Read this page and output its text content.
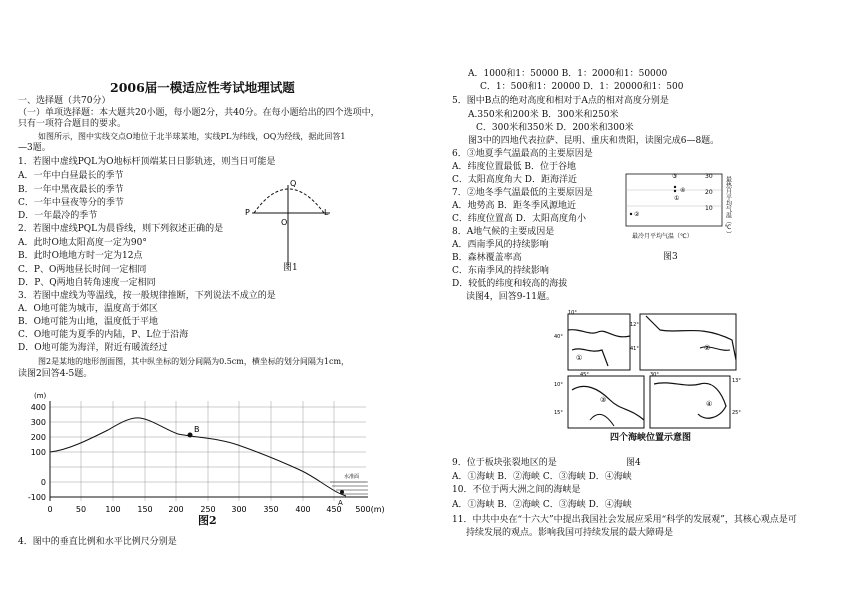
2006届一模适应性考试地理试题
一、选择题（共70分）
（一）单项选择题：本大题共20小题，每小题2分，共40分。在每小题给出的四个选项中，
只有一项符合题目的要求。
如图所示，图中实线交点O地位于北半球某地，实线PL为纬线，OQ为经线，据此回答1
—3题。
1．若图中虚线PQL为O地标杆顶端某日日影轨迹，则当日可能是
A．一年中白昼最长的季节
B．一年中黑夜最长的季节
C．一年中昼夜等分的季节
D．一年最冷的季节
2．若图中虚线PQL为晨昏线，则下列叙述正确的是
A．此时O地太阳高度一定为90°
B．此时O地地方时一定为12点
C．P、O两地昼长时间一定相同
D．P、Q两地自转角速度一定相同
3．若图中虚线为等温线，按一般规律推断，下列说法不成立的是
A．O地可能为城市，温度高于郊区
B．O地可能为山地，温度低于平地
C．O地可能为夏季的内陆，P、L位于沿海
D．O地可能为海洋，附近有暖流经过
图2是某地的地形剖面图，其中纵坐标的划分间隔为0.5cm，横坐标的划分间隔为1cm，
读图2回答4-5题。
P
Q
O
L
图1
(m)
400
300
200
100
0
-100
0	50 100 150 200 250 300 350 400 450 500(m)
水准面
B
A
图2
4．图中的垂直比例和水平比例尺分别是
A．1000和1：50000 B．1：2000和1：50000
C．1：500和1：20000 D．1：20000和1：500
5．图中B点的绝对高度和相对于A点的相对高度分别是
A.350米和200米 B．300米和250米
C．300米和350米 D．200米和300米
图3中的四地代表拉萨、昆明、重庆和贵阳，读图完成6—8题。
6．③地夏季气温最高的主要原因是
A．纬度位置最低 B．位于谷地
C．太阳高度角大 D．距海洋近
7．②地冬季气温最低的主要原因是
A．地势高 B．距冬季风源地近
C．纬度位置高 D．太阳高度角小
8．A地气候的主要成因是
A．西南季风的持续影响
B．森林覆盖率高
C．东南季风的持续影响
D．较低的纬度和较高的海拔
读图4，回答9-11题。
30
20
10
③
④
①
②	最热月平均气温（℃）
最冷月平均气温（℃）
图3
①
10°
40°
②
12°
41°
③
45°
10°
15°
④
30°
13°
25°
四个海峡位置示意图
9．位于板块张裂地区的是	图4
A．①海峡 B．②海峡 C．③海峡 D．④海峡
10．不位于两大洲之间的海峡是
A．①海峡 B．②海峡 C．③海峡 D．④海峡
11．中共中央在“十六大”中提出我国社会发展应采用“科学的发展观”，其核心观点是可
持续发展的观点。影响我国可持续发展的最大障碍是
